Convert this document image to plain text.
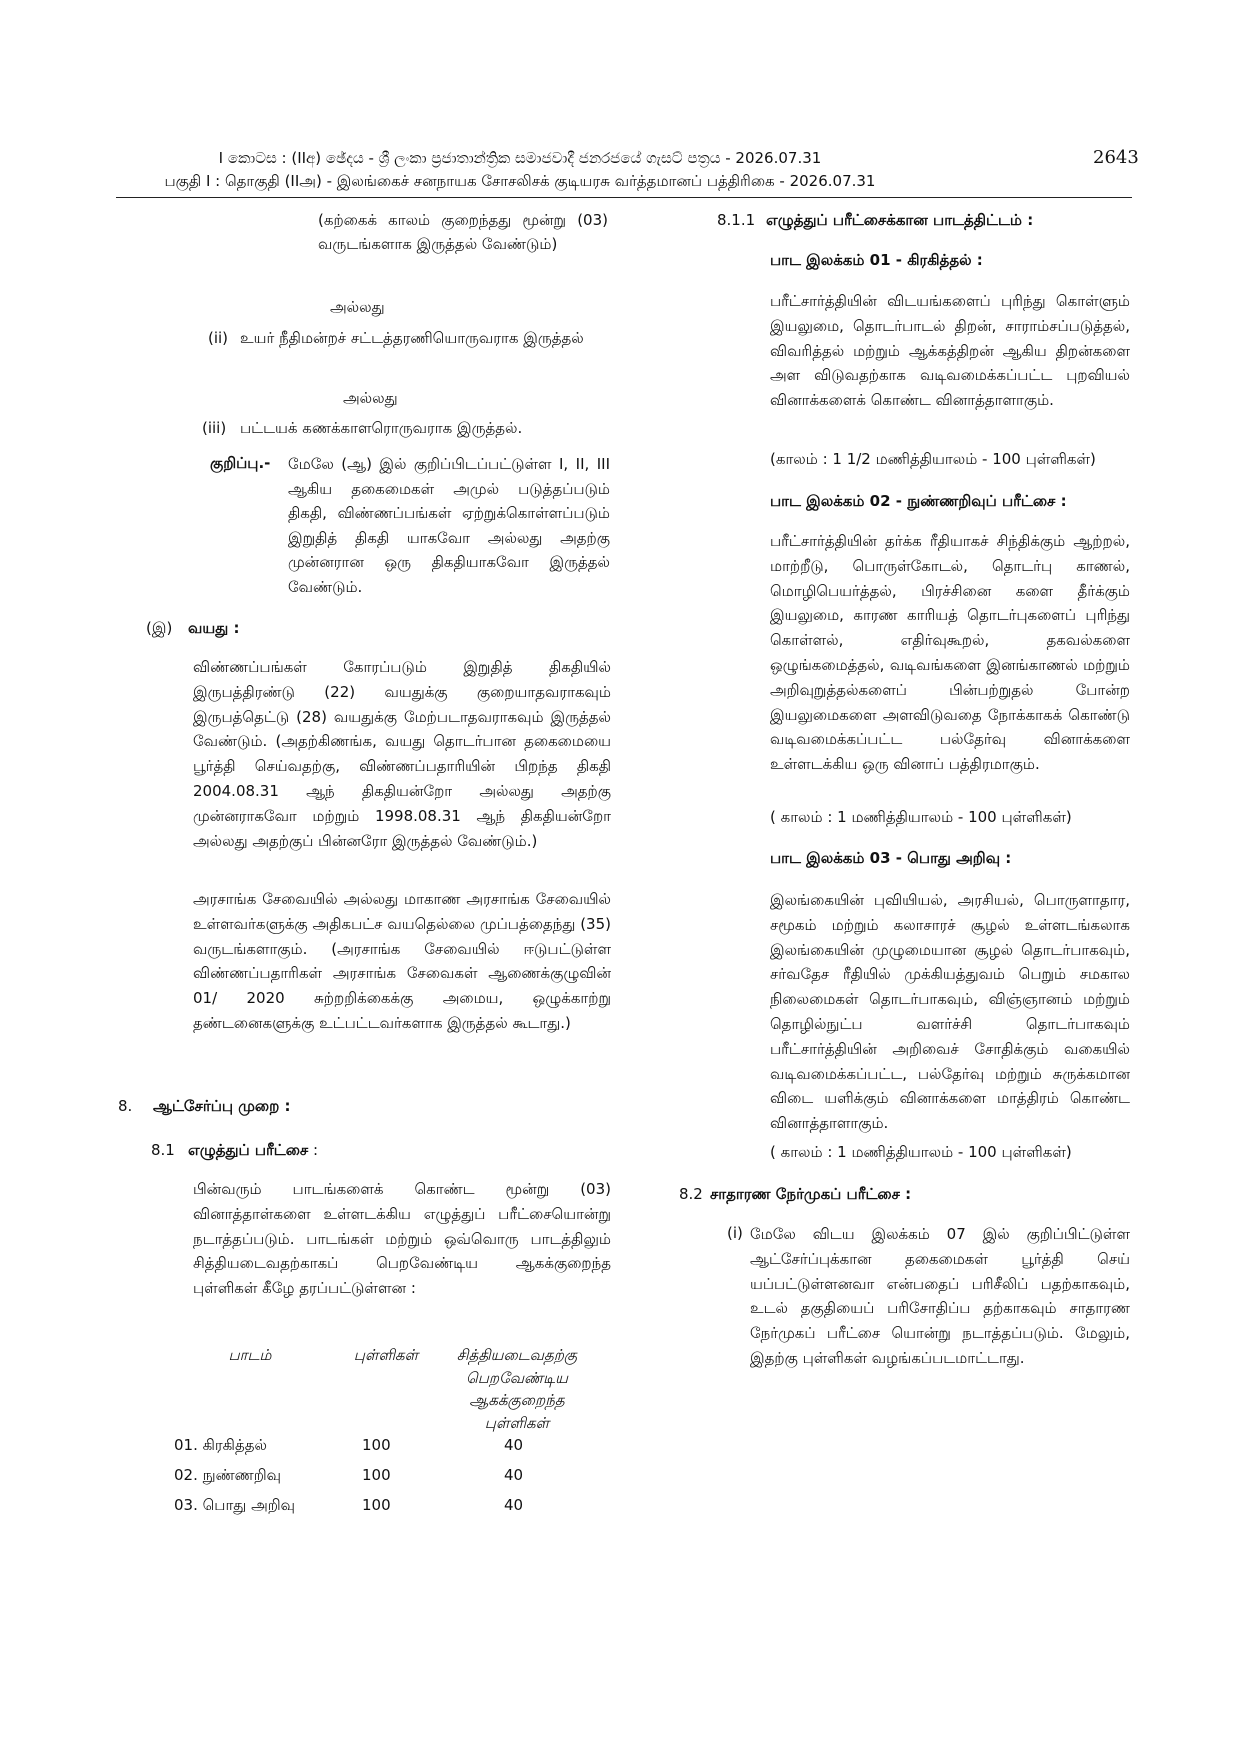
I කොටස : (IIඅ) ඡේදය - ශ්‍රී ලංකා ප්‍රජාතාන්ත්‍රික සමාජවාදී ජනරජයේ ගැසට් පත්‍රය - 2026.07.31
பகுதி I : தொகுதி (IIஅ) - இலங்கைச் சனநாயக சோசலிசக் குடியரசு வர்த்தமானப் பத்திரிகை - 2026.07.31
2643
(கற்கைக் காலம் குறைந்தது மூன்று (03) வருடங்களாக இருத்தல் வேண்டும்)
அல்லது
(ii) உயர் நீதிமன்றச் சட்டத்தரணியொருவராக இருத்தல்
அல்லது
(iii) பட்டயக் கணக்காளரொருவராக இருத்தல்.
குறிப்பு.- மேலே (ஆ) இல் குறிப்பிடப்பட்டுள்ள I, II, III ஆகிய தகைமைகள் அமுல் படுத்தப்படும் திகதி, விண்ணப்பங்கள் ஏற்றுக்கொள்ளப்படும் இறுதித் திகதி யாகவோ அல்லது அதற்கு முன்னரான ஒரு திகதியாகவோ இருத்தல் வேண்டும்.
(இ) வயது :
விண்ணப்பங்கள் கோரப்படும் இறுதித் திகதியில் இருபத்திரண்டு (22) வயதுக்கு குறையாதவராகவும் இருபத்தெட்டு (28) வயதுக்கு மேற்படாதவராகவும் இருத்தல் வேண்டும். (அதற்கிணங்க, வயது தொடர்பான தகைமையை பூர்த்தி செய்வதற்கு, விண்ணப்பதாரியின் பிறந்த திகதி 2004.08.31 ஆந் திகதியன்றோ அல்லது அதற்கு முன்னராகவோ மற்றும் 1998.08.31 ஆந் திகதியன்றோ அல்லது அதற்குப் பின்னரோ இருத்தல் வேண்டும்.)
அரசாங்க சேவையில் அல்லது மாகாண அரசாங்க சேவையில் உள்ளவர்களுக்கு அதிகபட்ச வயதெல்லை முப்பத்தைந்து (35) வருடங்களாகும். (அரசாங்க சேவையில் ஈடுபட்டுள்ள விண்ணப்பதாரிகள் அரசாங்க சேவைகள் ஆணைக்குழுவின் 01/ 2020 சுற்றறிக்கைக்கு அமைய, ஒழுக்காற்று தண்டனைகளுக்கு உட்பட்டவர்களாக இருத்தல் கூடாது.)
8. ஆட்சேர்ப்பு முறை :
8.1 எழுத்துப் பரீட்சை :
பின்வரும் பாடங்களைக் கொண்ட மூன்று (03) வினாத்தாள்களை உள்ளடக்கிய எழுத்துப் பரீட்சையொன்று நடாத்தப்படும். பாடங்கள் மற்றும் ஒவ்வொரு பாடத்திலும் சித்தியடைவதற்காகப் பெறவேண்டிய ஆகக்குறைந்த புள்ளிகள் கீழே தரப்பட்டுள்ளன :
பாடம்	புள்ளிகள்	சித்தியடைவதற்கு பெறவேண்டிய ஆகக்குறைந்த புள்ளிகள்
01. கிரகித்தல்	100	40
02. நுண்ணறிவு	100	40
03. பொது அறிவு	100	40
8.1.1 எழுத்துப் பரீட்சைக்கான பாடத்திட்டம் :
பாட இலக்கம் 01 - கிரகித்தல் :
பரீட்சார்த்தியின் விடயங்களைப் புரிந்து கொள்ளும் இயலுமை, தொடர்பாடல் திறன், சாராம்சப்படுத்தல், விவரித்தல் மற்றும் ஆக்கத்திறன் ஆகிய திறன்களை அள விடுவதற்காக வடிவமைக்கப்பட்ட புறவியல் வினாக்களைக் கொண்ட வினாத்தாளாகும்.
(காலம் : 1 1/2 மணித்தியாலம் - 100 புள்ளிகள்)
பாட இலக்கம் 02 - நுண்ணறிவுப் பரீட்சை :
பரீட்சார்த்தியின் தர்க்க ரீதியாகச் சிந்திக்கும் ஆற்றல், மாற்றீடு, பொருள்கோடல், தொடர்பு காணல், மொழிபெயர்த்தல், பிரச்சினை களை தீர்க்கும் இயலுமை, காரண காரியத் தொடர்புகளைப் புரிந்து கொள்ளல், எதிர்வுகூறல், தகவல்களை ஒழுங்கமைத்தல், வடிவங்களை இனங்காணல் மற்றும் அறிவுறுத்தல்களைப் பின்பற்றுதல் போன்ற இயலுமைகளை அளவிடுவதை நோக்காகக் கொண்டு வடிவமைக்கப்பட்ட பல்தேர்வு வினாக்களை உள்ளடக்கிய ஒரு வினாப் பத்திரமாகும்.
( காலம் : 1 மணித்தியாலம் - 100 புள்ளிகள்)
பாட இலக்கம் 03 - பொது அறிவு :
இலங்கையின் புவியியல், அரசியல், பொருளாதார, சமூகம் மற்றும் கலாசாரச் சூழல் உள்ளடங்கலாக இலங்கையின் முழுமையான சூழல் தொடர்பாகவும், சர்வதேச ரீதியில் முக்கியத்துவம் பெறும் சமகால நிலைமைகள் தொடர்பாகவும், விஞ்ஞானம் மற்றும் தொழில்நுட்ப வளர்ச்சி தொடர்பாகவும் பரீட்சார்த்தியின் அறிவைச் சோதிக்கும் வகையில் வடிவமைக்கப்பட்ட, பல்தேர்வு மற்றும் சுருக்கமான விடை யளிக்கும் வினாக்களை மாத்திரம் கொண்ட வினாத்தாளாகும்.
( காலம் : 1 மணித்தியாலம் - 100 புள்ளிகள்)
8.2 சாதாரண நேர்முகப் பரீட்சை :
(i) மேலே விடய இலக்கம் 07 இல் குறிப்பிட்டுள்ள ஆட்சேர்ப்புக்கான தகைமைகள் பூர்த்தி செய் யப்பட்டுள்ளனவா என்பதைப் பரிசீலிப் பதற்காகவும், உடல் தகுதியைப் பரிசோதிப்ப தற்காகவும் சாதாரண நேர்முகப் பரீட்சை யொன்று நடாத்தப்படும். மேலும், இதற்கு புள்ளிகள் வழங்கப்படமாட்டாது.
